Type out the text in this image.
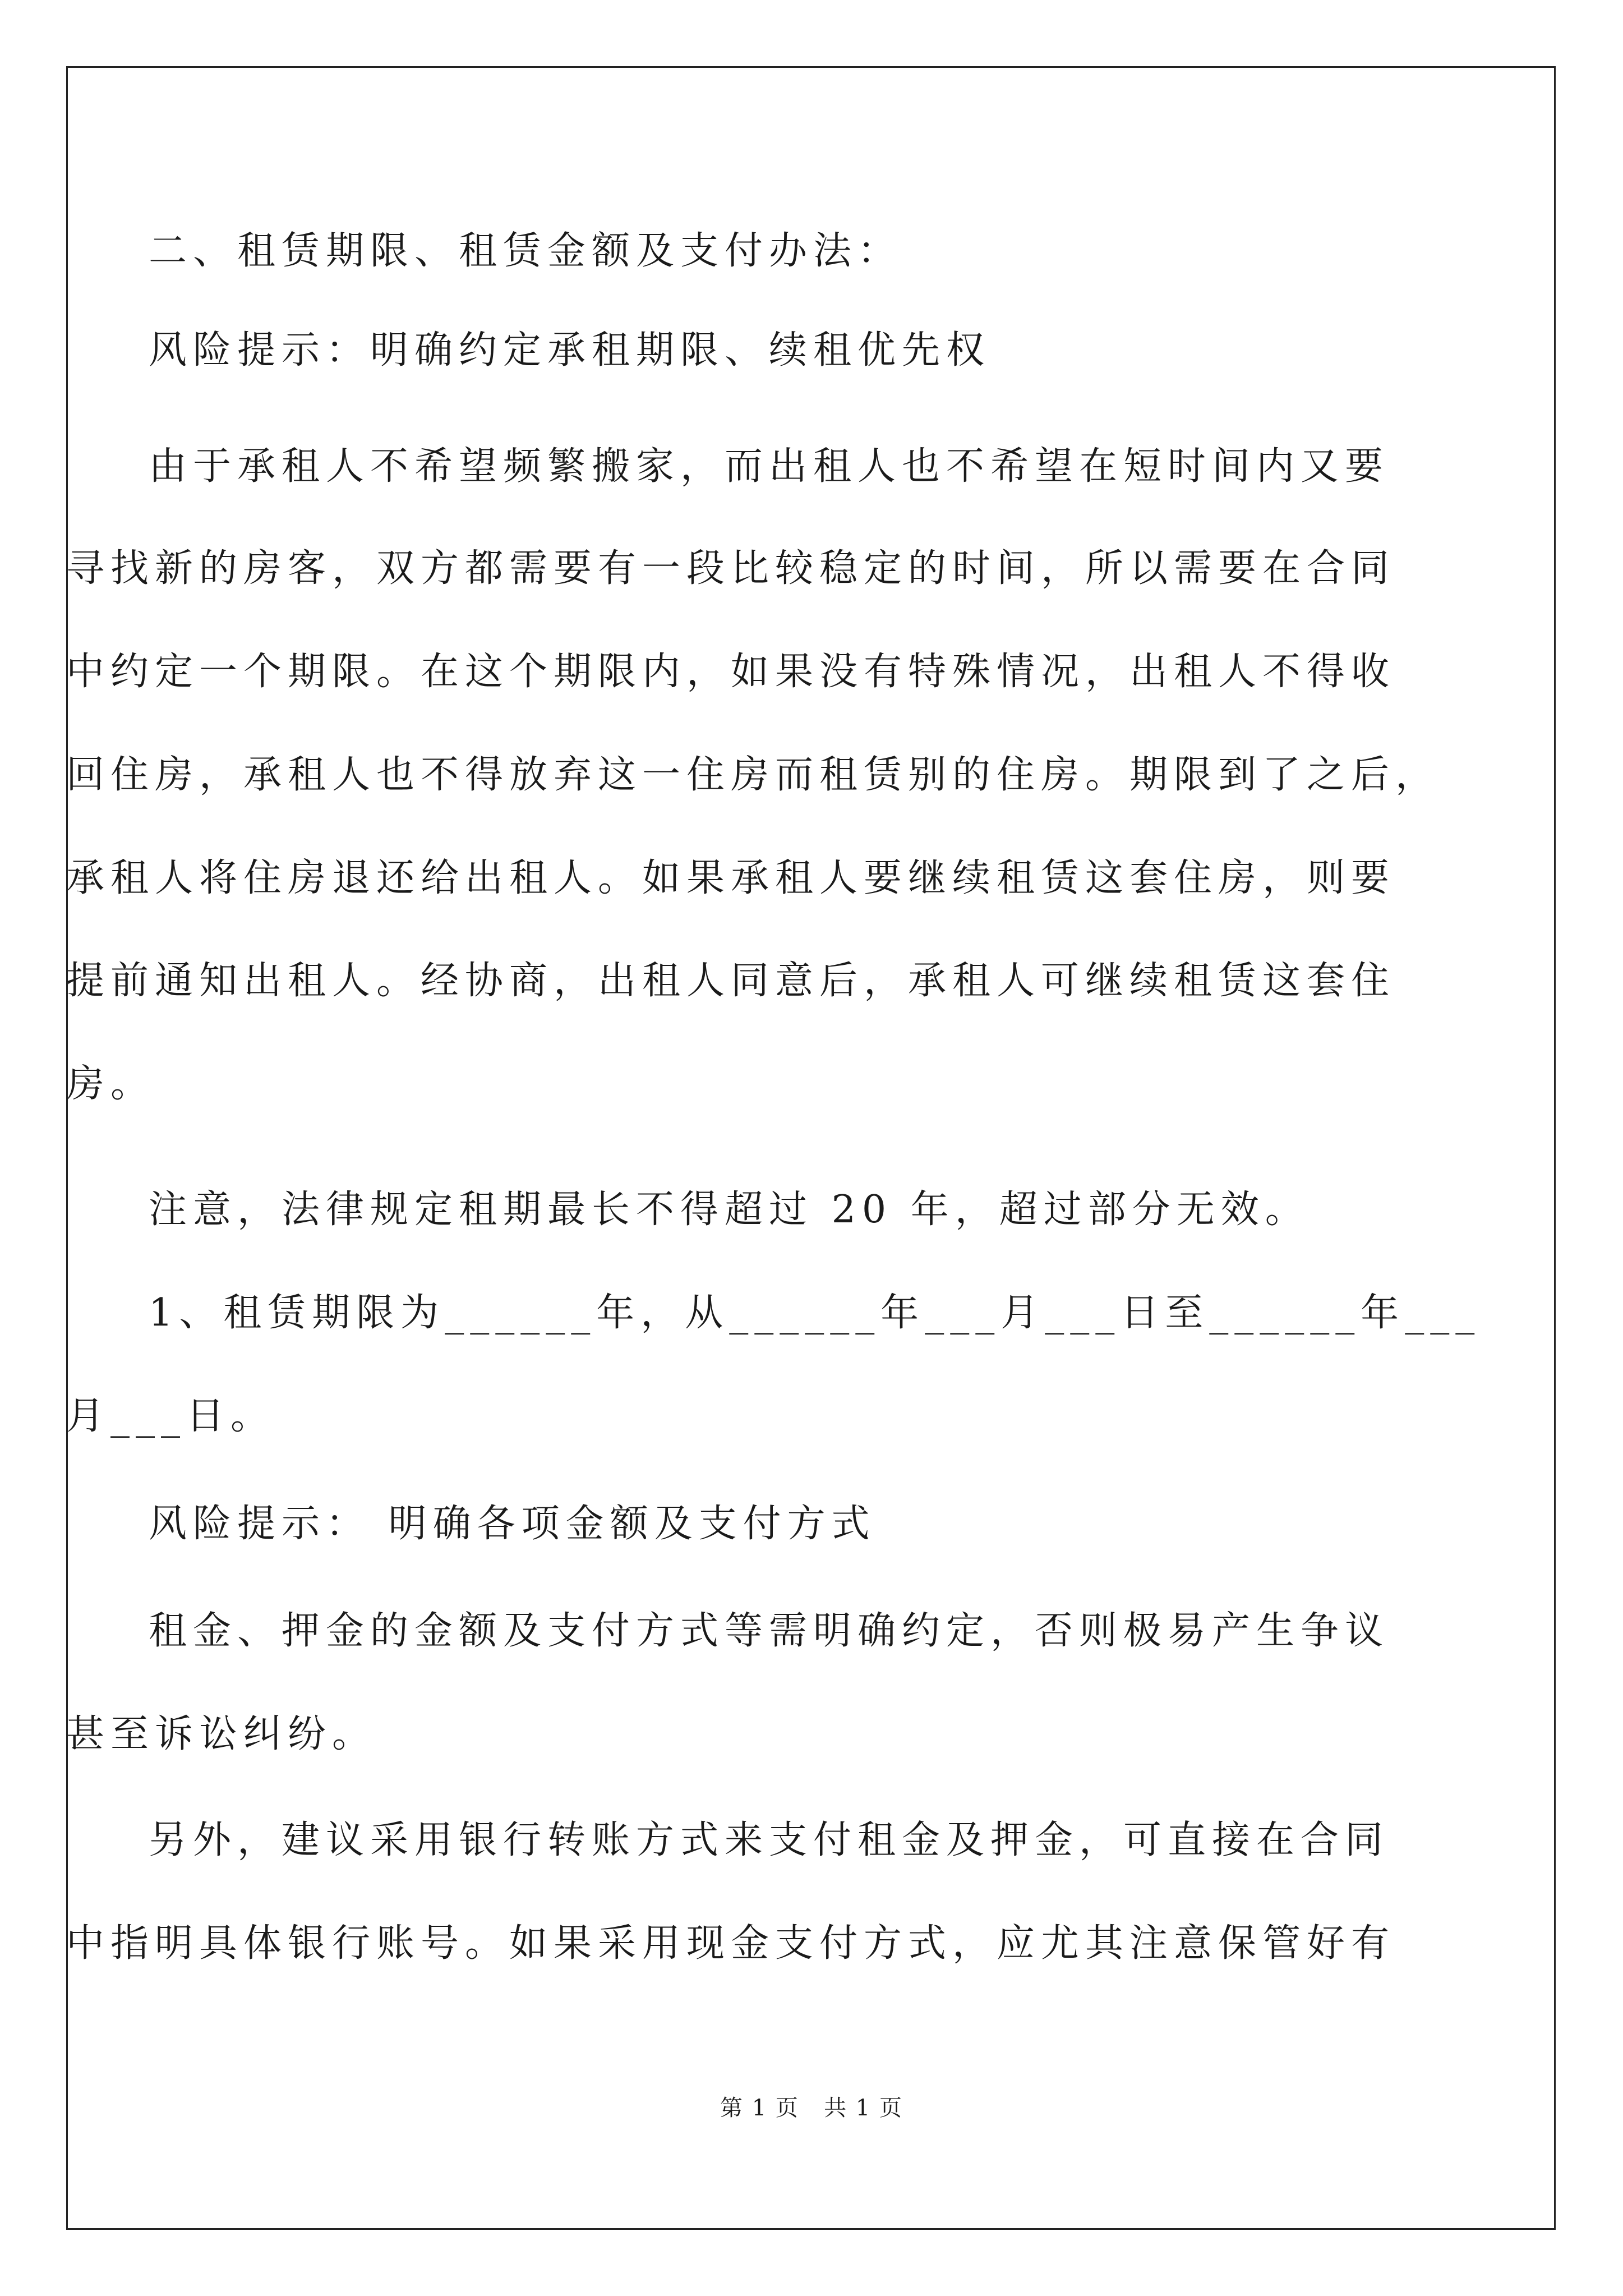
二、租赁期限、租赁金额及支付办法：
风险提示：明确约定承租期限、续租优先权
由于承租人不希望频繁搬家，而出租人也不希望在短时间内又要
寻找新的房客，双方都需要有一段比较稳定的时间，所以需要在合同
中约定一个期限。在这个期限内，如果没有特殊情况，出租人不得收
回住房，承租人也不得放弃这一住房而租赁别的住房。期限到了之后，
承租人将住房退还给出租人。如果承租人要继续租赁这套住房，则要
提前通知出租人。经协商，出租人同意后，承租人可继续租赁这套住
房。
注意，法律规定租期最长不得超过 20 年，超过部分无效。
1、租赁期限为______年，从______年___月___日至______年___
月___日。
风险提示： 明确各项金额及支付方式
租金、押金的金额及支付方式等需明确约定，否则极易产生争议
甚至诉讼纠纷。
另外，建议采用银行转账方式来支付租金及押金，可直接在合同
中指明具体银行账号。如果采用现金支付方式，应尤其注意保管好有
第 1 页   共 1 页
